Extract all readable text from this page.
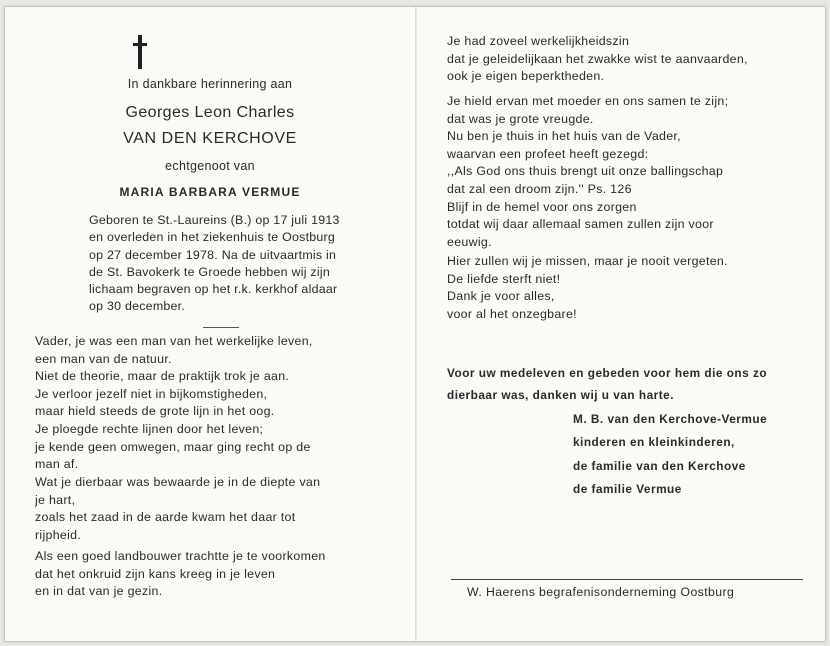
In dankbare herinnering aan
Georges Leon Charles
VAN DEN KERCHOVE
echtgenoot van
MARIA BARBARA VERMUE
Geboren te St.-Laureins (B.) op 17 juli 1913
en overleden in het ziekenhuis te Oostburg
op 27 december 1978. Na de uitvaartmis in
de St. Bavokerk te Groede hebben wij zijn
lichaam begraven op het r.k. kerkhof aldaar
op 30 december.
Vader, je was een man van het werkelijke leven,
een man van de natuur.
Niet de theorie, maar de praktijk trok je aan.
Je verloor jezelf niet in bijkomstigheden,
maar hield steeds de grote lijn in het oog.
Je ploegde rechte lijnen door het leven;
je kende geen omwegen, maar ging recht op de
man af.
Wat je dierbaar was bewaarde je in de diepte van
je hart,
zoals het zaad in de aarde kwam het daar tot
rijpheid.
Als een goed landbouwer trachtte je te voorkomen
dat het onkruid zijn kans kreeg in je leven
en in dat van je gezin.
Je had zoveel werkelijkheidszin
dat je geleidelijkaan het zwakke wist te aanvaarden,
ook je eigen beperktheden.
Je hield ervan met moeder en ons samen te zijn;
dat was je grote vreugde.
Nu ben je thuis in het huis van de Vader,
waarvan een profeet heeft gezegd:
,,Als God ons thuis brengt uit onze ballingschap
dat zal een droom zijn.'' Ps. 126
Blijf in de hemel voor ons zorgen
totdat wij daar allemaal samen zullen zijn voor
eeuwig.
Hier zullen wij je missen, maar je nooit vergeten.
De liefde sterft niet!
Dank je voor alles,
voor al het onzegbare!
Voor uw medeleven en gebeden voor hem die ons zo
dierbaar was, danken wij u van harte.
M. B. van den Kerchove-Vermue
kinderen en kleinkinderen,
de familie van den Kerchove
de familie Vermue
W. Haerens begrafenisonderneming Oostburg
